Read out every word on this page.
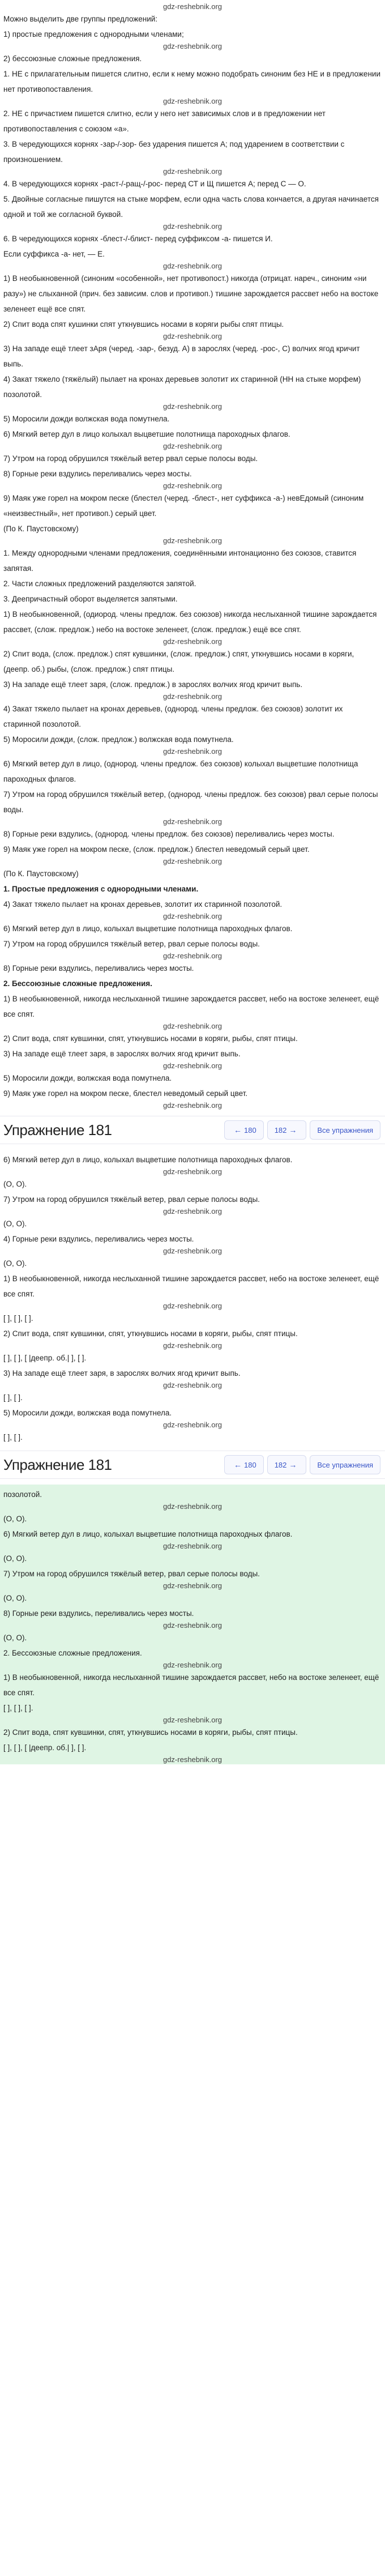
gdz-reshebnik.org

Можно выделить две группы предложений:

1) простые предложения с однородными членами;

gdz-reshebnik.org

2) бессоюзные сложные предложения.

1. НЕ с прилагательным пишется слитно, если к нему можно подобрать синоним без НЕ и в предложении нет противопоставления.

gdz-reshebnik.org

2. НЕ с причастием пишется слитно, если у него нет зависимых слов и в предложении нет противопоставления с союзом «а».

3. В чередующихся корнях -зар-/-зор- без ударения пишется А; под ударением в соответствии с произношением.

gdz-reshebnik.org

4. В чередующихся корнях -раст-/-ращ-/-рос- перед СТ и Щ пишется А; перед С — О.

5. Двойные согласные пишутся на стыке морфем, если одна часть слова кончается, а другая начинается одной и той же согласной буквой.

gdz-reshebnik.org

6. В чередующихся корнях -блест-/-блист- перед суффиксом -а- пишется И.

Если суффикса -а- нет, — Е.

gdz-reshebnik.org

1) В необыкновенной (синоним «особенной», нет противопост.) никогда (отрицат. нареч., синоним «ни разу») не слыханной (прич. без зависим. слов и противоп.) тишине зарождается рассвет небо на востоке зеленеет ещё все спят.

2) Спит вода спят кушинки спят уткнувшись носами в коряги рыбы спят птицы.

gdz-reshebnik.org

3) На западе ещё тлеет зАря (черед. -зар-, безуд. А) в зарослях (черед. -рос-, С) волчих ягод кричит выпь.

4) Закат тяжело (тяжёлый) пылает на кронах деревьев золотит их старинной (НН на стыке морфем) позолотой.

gdz-reshebnik.org

5) Моросили дожди волжская вода помутнела.

6) Мягкий ветер дул в лицо колыхал выцветшие полотнища пароходных флагов.

gdz-reshebnik.org

7) Утром на город обрушился тяжёлый ветер рвал серые полосы воды.

8) Горные реки вздулись переливались через мосты.

gdz-reshebnik.org

9) Маяк уже горел на мокром песке (блестел (черед. -блест-, нет суффикса -а-) невЕдомый (синоним «неизвестный», нет противоп.) серый цвет.

(По К. Паустовскому)

gdz-reshebnik.org

1. Между однородными членами предложения, соединёнными интонационно без союзов, ставится запятая.

2. Части сложных предложений разделяются запятой.

3. Деепричастный оборот выделяется запятыми.

1) В необыкновенной, (одиород. члены предлож. без союзов) никогда неслыханной тишине зарождается рассвет, (слож. предлож.) небо на востоке зеленеет, (слож. предлож.) ещё все спят.

gdz-reshebnik.org

2) Спит вода, (слож. предлож.) спят кувшинки, (слож. предлож.) спят, уткнувшись носами в коряги, (деепр. об.) рыбы, (слож. предлож.) спят птицы.

3) На западе ещё тлеет заря, (слож. предлож.) в зарослях волчих ягод кричит выпь.

gdz-reshebnik.org

4) Закат тяжело пылает на кронах деревьев, (однород. члены предлож. без союзов) золотит их старинной позолотой.

5) Моросили дожди, (слож. предлож.) волжская вода помутнела.

gdz-reshebnik.org

6) Мягкий ветер дул в лицо, (однород. члены предлож. без союзов) колыхал выцветшие полотнища пароходных флагов.

7) Утром на город обрушился тяжёлый ветер, (однород. члены предлож. без союзов) рвал серые полосы воды.

gdz-reshebnik.org

8) Горные реки вздулись, (однород. члены предлож. без союзов) переливались через мосты.

9) Маяк уже горел на мокром песке, (слож. предлож.) блестел неведомый серый цвет.

gdz-reshebnik.org

(По К. Паустовскому)

1. Простые предложения с однородными членами.

4) Закат тяжело пылает на кронах деревьев, золотит их старинной позолотой.

gdz-reshebnik.org

6) Мягкий ветер дул в лицо, колыхал выцветшие полотнища пароходных флагов.

7) Утром на город обрушился тяжёлый ветер, рвал серые полосы воды.

gdz-reshebnik.org

8) Горные реки вздулись, переливались через мосты.

2. Бессоюзные сложные предложения.

1) В необыкновенной, никогда неслыханной тишине зарождается рассвет, небо на востоке зеленеет, ещё все спят.

gdz-reshebnik.org

2) Спит вода, спят кувшинки, спят, уткнувшись носами в коряги, рыбы, спят птицы.

3) На западе ещё тлеет заря, в зарослях волчих ягод кричит выпь.

gdz-reshebnik.org

5) Моросили дожди, волжская вода помутнела.

9) Маяк уже горел на мокром песке, блестел неведомый серый цвет.

gdz-reshebnik.org
Упражнение 181	← 180 182 →	Все упражнения

6) Мягкий ветер дул в лицо, колыхал выцветшие полотнища пароходных флагов.

gdz-reshebnik.org

(О, О).

7) Утром на город обрушился тяжёлый ветер, рвал серые полосы воды.

gdz-reshebnik.org

(О, О).

4) Горные реки вздулись, переливались через мосты.

gdz-reshebnik.org

(О, О).

1) В необыкновенной, никогда неслыханной тишине зарождается рассвет, небо на востоке зеленеет, ещё все спят.

gdz-reshebnik.org

[ ], [ ], [ ].

2) Спит вода, спят кувшинки, спят, уткнувшись носами в коряги, рыбы, спят птицы.

gdz-reshebnik.org

[ ], [ ], [ |деепр. об.| ], [ ].

3) На западе ещё тлеет заря, в зарослях волчих ягод кричит выпь.

gdz-reshebnik.org

[ ], [ ].

5) Моросили дожди, волжская вода помутнела.

gdz-reshebnik.org

[ ], [ ].

Упражнение 181	← 180 182 →	Все упражнения

позолотой.

gdz-reshebnik.org

(О, О).

6) Мягкий ветер дул в лицо, колыхал выцветшие полотнища пароходных флагов.

gdz-reshebnik.org

(О, О).

7) Утром на город обрушился тяжёлый ветер, рвал серые полосы воды.

gdz-reshebnik.org

(О, О).

8) Горные реки вздулись, переливались через мосты.

gdz-reshebnik.org

(О, О).

2. Бессоюзные сложные предложения.

gdz-reshebnik.org

1) В необыкновенной, никогда неслыханной тишине зарождается рассвет, небо на востоке зеленеет, ещё все спят.

[ ], [ ], [ ].

gdz-reshebnik.org

2) Спит вода, спят кувшинки, спят, уткнувшись носами в коряги, рыбы, спят птицы.

[ ], [ ], [ |деепр. об.| ], [ ].

gdz-reshebnik.org
